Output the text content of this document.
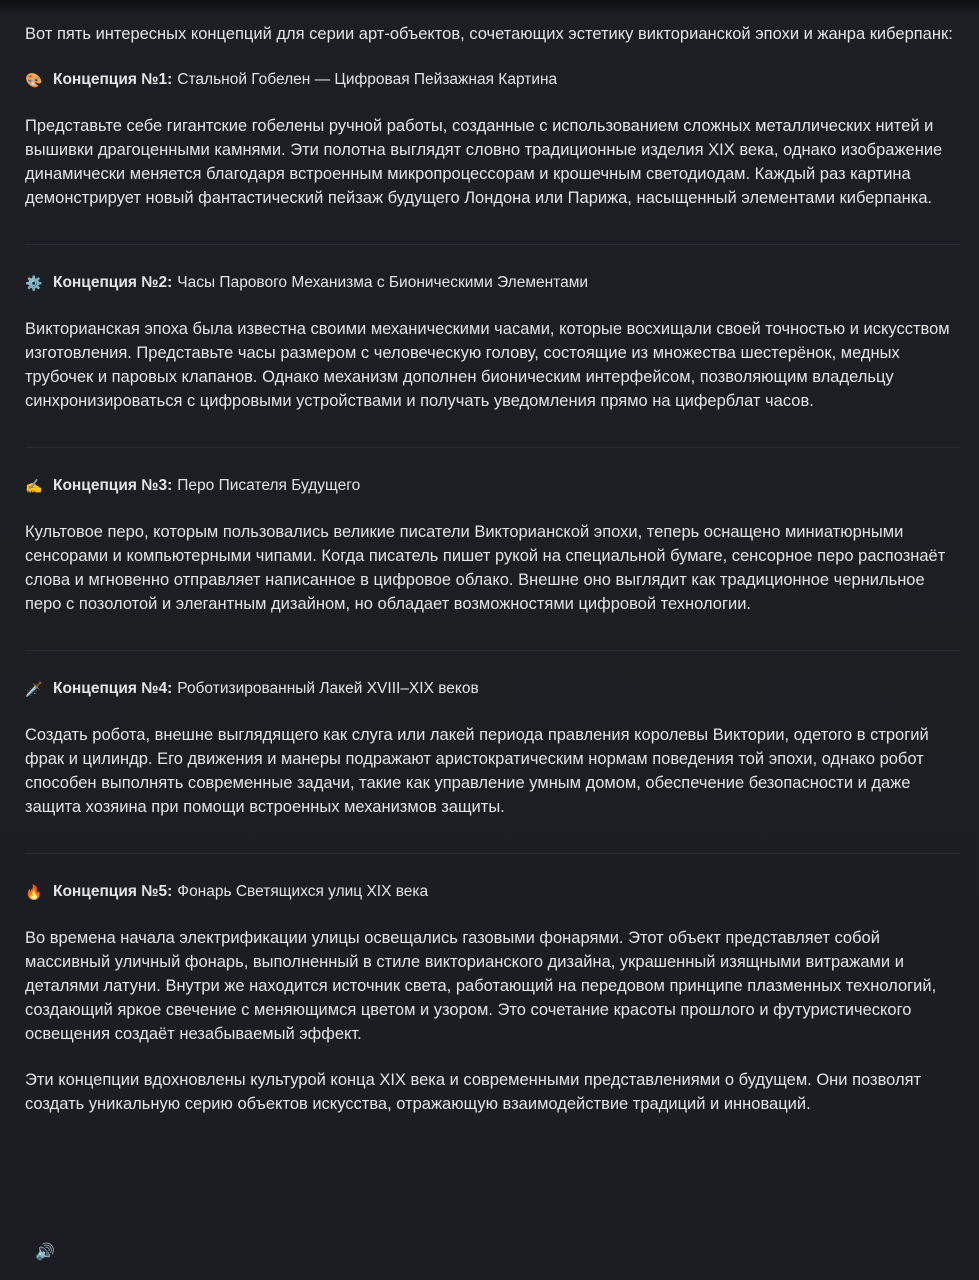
Вот пять интересных концепций для серии арт-объектов, сочетающих эстетику викторианской эпохи и жанра киберпанк:

🎨 Концепция №1: Стальной Гобелен — Цифровая Пейзажная Картина

Представьте себе гигантские гобелены ручной работы, созданные с использованием сложных металлических нитей и вышивки драгоценными камнями. Эти полотна выглядят словно традиционные изделия XIX века, однако изображение динамически меняется благодаря встроенным микропроцессорам и крошечным светодиодам. Каждый раз картина демонстрирует новый фантастический пейзаж будущего Лондона или Парижа, насыщенный элементами киберпанка.

⚙️ Концепция №2: Часы Парового Механизма с Бионическими Элементами

Викторианская эпоха была известна своими механическими часами, которые восхищали своей точностью и искусством изготовления. Представьте часы размером с человеческую голову, состоящие из множества шестерёнок, медных трубочек и паровых клапанов. Однако механизм дополнен бионическим интерфейсом, позволяющим владельцу синхронизироваться с цифровыми устройствами и получать уведомления прямо на циферблат часов.

✍️ Концепция №3: Перо Писателя Будущего

Культовое перо, которым пользовались великие писатели Викторианской эпохи, теперь оснащено миниатюрными сенсорами и компьютерными чипами. Когда писатель пишет рукой на специальной бумаге, сенсорное перо распознаёт слова и мгновенно отправляет написанное в цифровое облако. Внешне оно выглядит как традиционное чернильное перо с позолотой и элегантным дизайном, но обладает возможностями цифровой технологии.

🗡️ Концепция №4: Роботизированный Лакей XVIII–XIX веков

Создать робота, внешне выглядящего как слуга или лакей периода правления королевы Виктории, одетого в строгий фрак и цилиндр. Его движения и манеры подражают аристократическим нормам поведения той эпохи, однако робот способен выполнять современные задачи, такие как управление умным домом, обеспечение безопасности и даже защита хозяина при помощи встроенных механизмов защиты.

🔥 Концепция №5: Фонарь Светящихся улиц XIX века

Во времена начала электрификации улицы освещались газовыми фонарями. Этот объект представляет собой массивный уличный фонарь, выполненный в стиле викторианского дизайна, украшенный изящными витражами и деталями латуни. Внутри же находится источник света, работающий на передовом принципе плазменных технологий, создающий яркое свечение с меняющимся цветом и узором. Это сочетание красоты прошлого и футуристического освещения создаёт незабываемый эффект.

Эти концепции вдохновлены культурой конца XIX века и современными представлениями о будущем. Они позволят создать уникальную серию объектов искусства, отражающую взаимодействие традиций и инноваций.

🔊
